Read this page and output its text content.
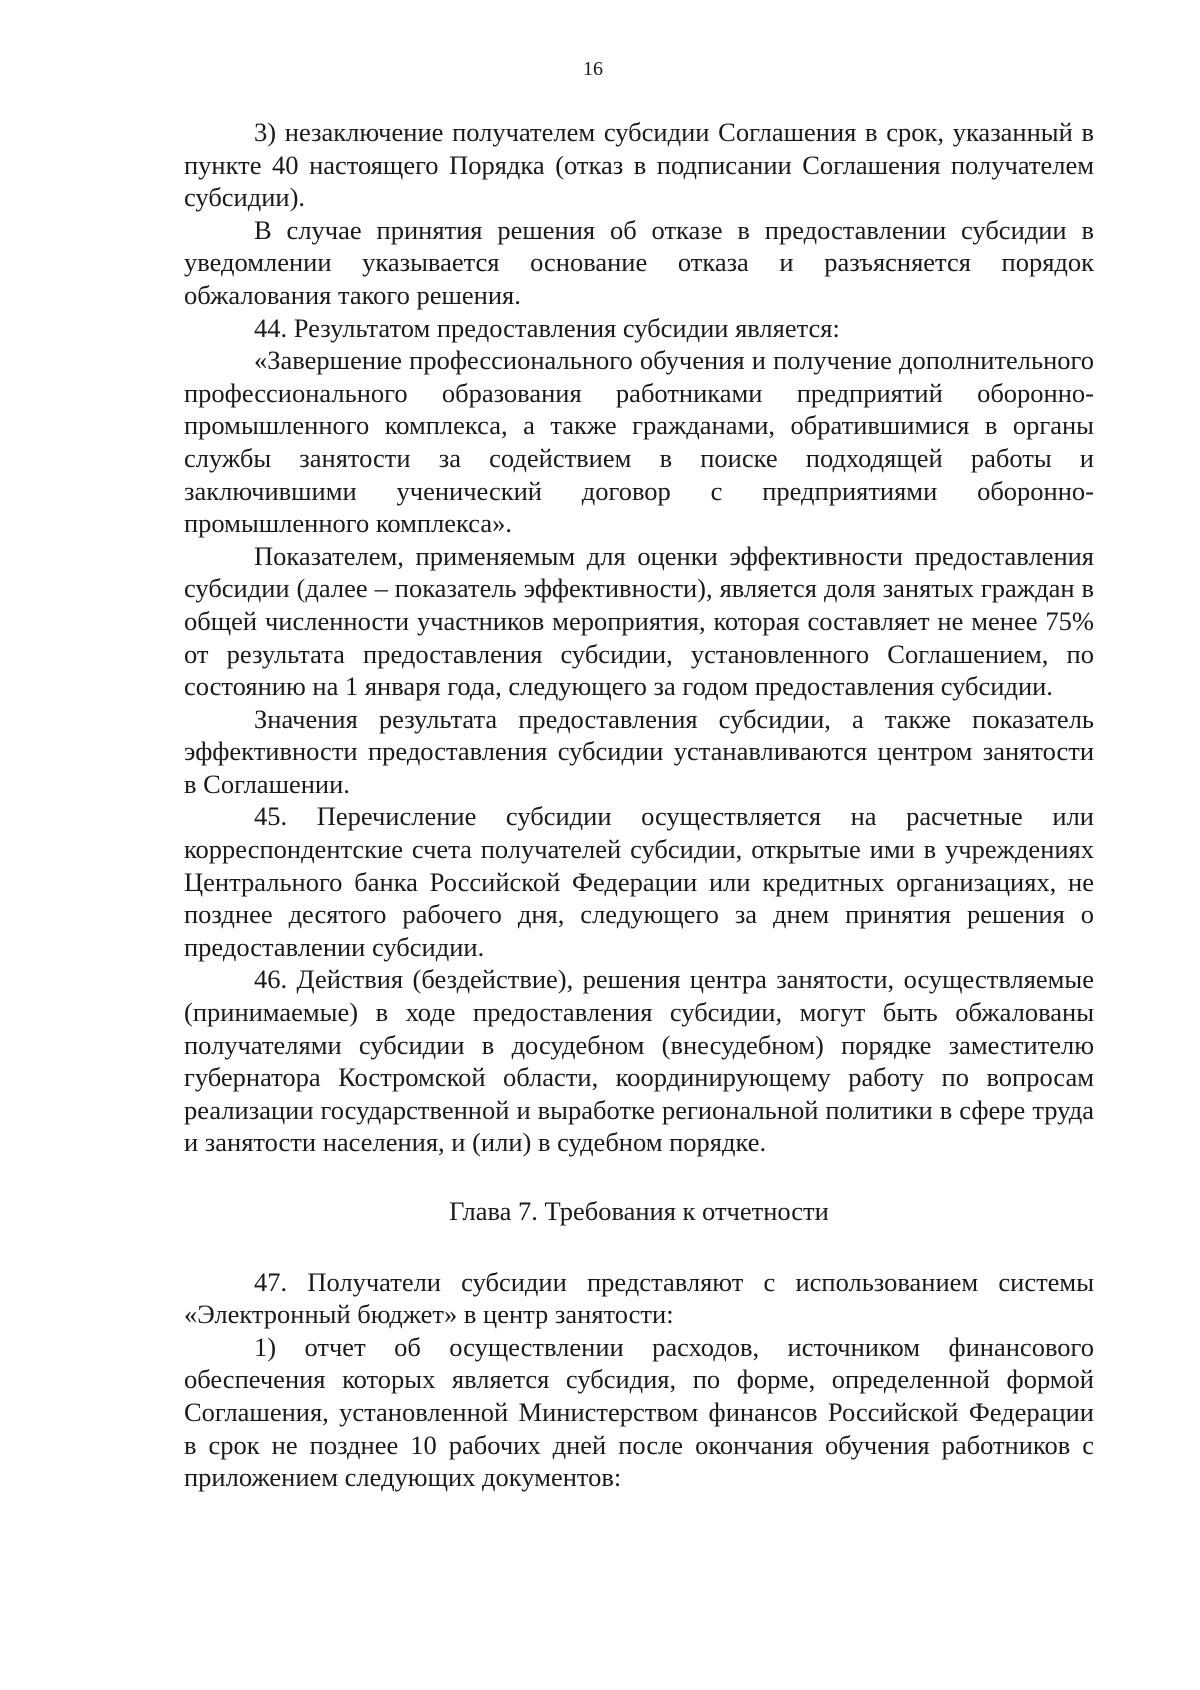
16

3) незаключение получателем субсидии Соглашения в срок, указанный в пункте 40 настоящего Порядка (отказ в подписании Соглашения получателем субсидии).

В случае принятия решения об отказе в предоставлении субсидии в уведомлении указывается основание отказа и разъясняется порядок обжалования такого решения.

44. Результатом предоставления субсидии является:

«Завершение профессионального обучения и получение дополнительного профессионального образования работниками предприятий оборонно-промышленного комплекса, а также гражданами, обратившимися в органы службы занятости за содействием в поиске подходящей работы и заключившими ученический договор с предприятиями оборонно-промышленного комплекса».

Показателем, применяемым для оценки эффективности предоставления субсидии (далее – показатель эффективности), является доля занятых граждан в общей численности участников мероприятия, которая составляет не менее 75% от результата предоставления субсидии, установленного Соглашением, по состоянию на 1 января года, следующего за годом предоставления субсидии.

Значения результата предоставления субсидии, а также показатель эффективности предоставления субсидии устанавливаются центром занятости в Соглашении.

45. Перечисление субсидии осуществляется на расчетные или корреспондентские счета получателей субсидии, открытые ими в учреждениях Центрального банка Российской Федерации или кредитных организациях, не позднее десятого рабочего дня, следующего за днем принятия решения о предоставлении субсидии.

46. Действия (бездействие), решения центра занятости, осуществляемые (принимаемые) в ходе предоставления субсидии, могут быть обжалованы получателями субсидии в досудебном (внесудебном) порядке заместителю губернатора Костромской области, координирующему работу по вопросам реализации государственной и выработке региональной политики в сфере труда и занятости населения, и (или) в судебном порядке.

Глава 7. Требования к отчетности

47. Получатели субсидии представляют с использованием системы «Электронный бюджет» в центр занятости:

1) отчет об осуществлении расходов, источником финансового обеспечения которых является субсидия, по форме, определенной формой Соглашения, установленной Министерством финансов Российской Федерации в срок не позднее 10 рабочих дней после окончания обучения работников с приложением следующих документов:
